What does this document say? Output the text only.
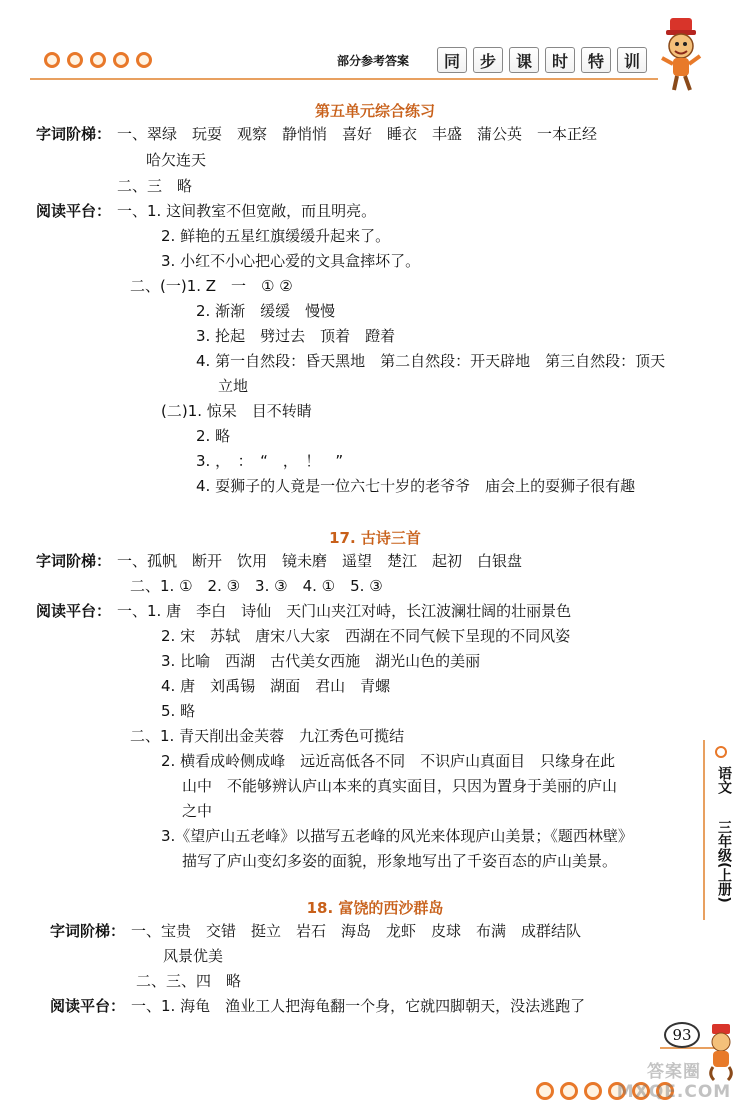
部分参考答案	同	步	课	时	特	训
第五单元综合练习
字词阶梯： 一、翠绿　玩耍　观察　静悄悄　喜好　睡衣　丰盛　蒲公英　一本正经
哈欠连天
二、三　略
阅读平台： 一、1. 这间教室不但宽敞，而且明亮。
2. 鲜艳的五星红旗缓缓升起来了。
3. 小红不小心把心爱的文具盒摔坏了。
二、(一)1. Z　一　① ②
2. 渐渐　缓缓　慢慢
3. 抡起　劈过去　顶着　蹬着
4. 第一自然段：昏天黑地　第二自然段：开天辟地　第三自然段：顶天
立地
(二)1. 惊呆　目不转睛
2. 略
3. ，　：　“　，　！　”
4. 耍狮子的人竟是一位六七十岁的老爷爷　庙会上的耍狮子很有趣
17. 古诗三首
字词阶梯： 一、孤帆　断开　饮用　镜未磨　遥望　楚江　起初　白银盘
二、1. ①　2. ③　3. ③　4. ①　5. ③
阅读平台： 一、1. 唐　李白　诗仙　天门山夹江对峙，长江波澜壮阔的壮丽景色
2. 宋　苏轼　唐宋八大家　西湖在不同气候下呈现的不同风姿
3. 比喻　西湖　古代美女西施　湖光山色的美丽
4. 唐　刘禹锡　湖面　君山　青螺
5. 略
二、1. 青天削出金芙蓉　九江秀色可揽结
2. 横看成岭侧成峰　远近高低各不同　不识庐山真面目　只缘身在此
山中　不能够辨认庐山本来的真实面目，只因为置身于美丽的庐山
之中
3.《望庐山五老峰》以描写五老峰的风光来体现庐山美景；《题西林壁》
描写了庐山变幻多姿的面貌，形象地写出了千姿百态的庐山美景。
18. 富饶的西沙群岛
字词阶梯： 一、宝贵　交错　挺立　岩石　海岛　龙虾　皮球　布满　成群结队
风景优美
二、三、四　略
阅读平台： 一、1. 海龟　渔业工人把海龟翻一个身，它就四脚朝天，没法逃跑了
语文
三年级(上册)
93
答案圈
MXQE.COM
